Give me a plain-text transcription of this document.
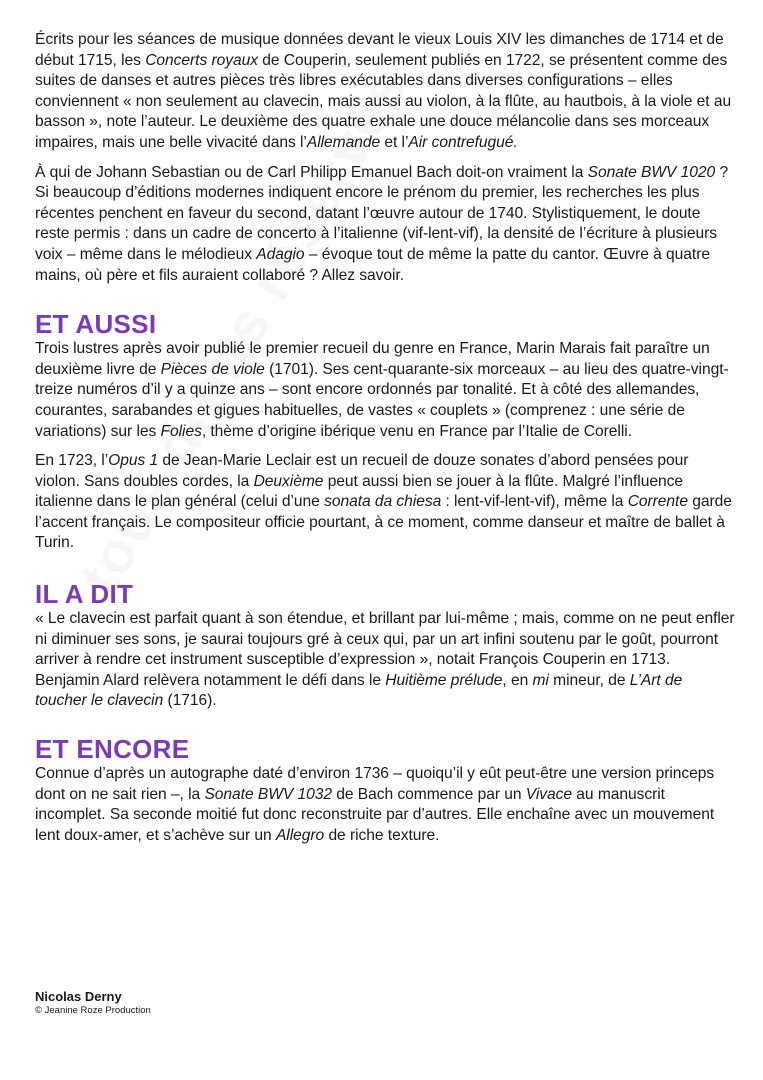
Écrits pour les séances de musique données devant le vieux Louis XIV les dimanches de 1714 et de début 1715, les Concerts royaux de Couperin, seulement publiés en 1722, se présentent comme des suites de danses et autres pièces très libres exécutables dans diverses configurations – elles conviennent « non seulement au clavecin, mais aussi au violon, à la flûte, au hautbois, à la viole et au basson », note l’auteur. Le deuxième des quatre exhale une douce mélancolie dans ses morceaux impaires, mais une belle vivacité dans l’Allemande et l’Air contrefugué.

À qui de Johann Sebastian ou de Carl Philipp Emanuel Bach doit-on vraiment la Sonate BWV 1020 ? Si beaucoup d’éditions modernes indiquent encore le prénom du premier, les recherches les plus récentes penchent en faveur du second, datant l’œuvre autour de 1740. Stylistiquement, le doute reste permis : dans un cadre de concerto à l’italienne (vif-lent-vif), la densité de l’écriture à plusieurs voix – même dans le mélodieux Adagio – évoque tout de même la patte du cantor. Œuvre à quatre mains, où père et fils auraient collaboré ? Allez savoir.

ET AUSSI

Trois lustres après avoir publié le premier recueil du genre en France, Marin Marais fait paraître un deuxième livre de Pièces de viole (1701). Ses cent-quarante-six morceaux – au lieu des quatre-vingt-treize numéros d’il y a quinze ans – sont encore ordonnés par tonalité. Et à côté des allemandes, courantes, sarabandes et gigues habituelles, de vastes « couplets » (comprenez : une série de variations) sur les Folies, thème d’origine ibérique venu en France par l’Italie de Corelli.

En 1723, l’Opus 1 de Jean-Marie Leclair est un recueil de douze sonates d’abord pensées pour violon. Sans doubles cordes, la Deuxième peut aussi bien se jouer à la flûte. Malgré l’influence italienne dans le plan général (celui d’une sonata da chiesa : lent-vif-lent-vif), même la Corrente garde l’accent français. Le compositeur officie pourtant, à ce moment, comme danseur et maître de ballet à Turin.

IL A DIT

« Le clavecin est parfait quant à son étendue, et brillant par lui-même ; mais, comme on ne peut enfler ni diminuer ses sons, je saurai toujours gré à ceux qui, par un art infini soutenu par le goût, pourront arriver à rendre cet instrument susceptible d’expression », notait François Couperin en 1713. Benjamin Alard relèvera notamment le défi dans le Huitième prélude, en mi mineur, de L’Art de toucher le clavecin (1716).

ET ENCORE

Connue d’après un autographe daté d’environ 1736 – quoiqu’il y eût peut-être une version princeps dont on ne sait rien –, la Sonate BWV 1032 de Bach commence par un Vivace au manuscrit incomplet. Sa seconde moitié fut donc reconstruite par d’autres. Elle enchaîne avec un mouvement lent doux-amer, et s’achève sur un Allegro de riche texture.

Nicolas Derny
© Jeanine Roze Production
